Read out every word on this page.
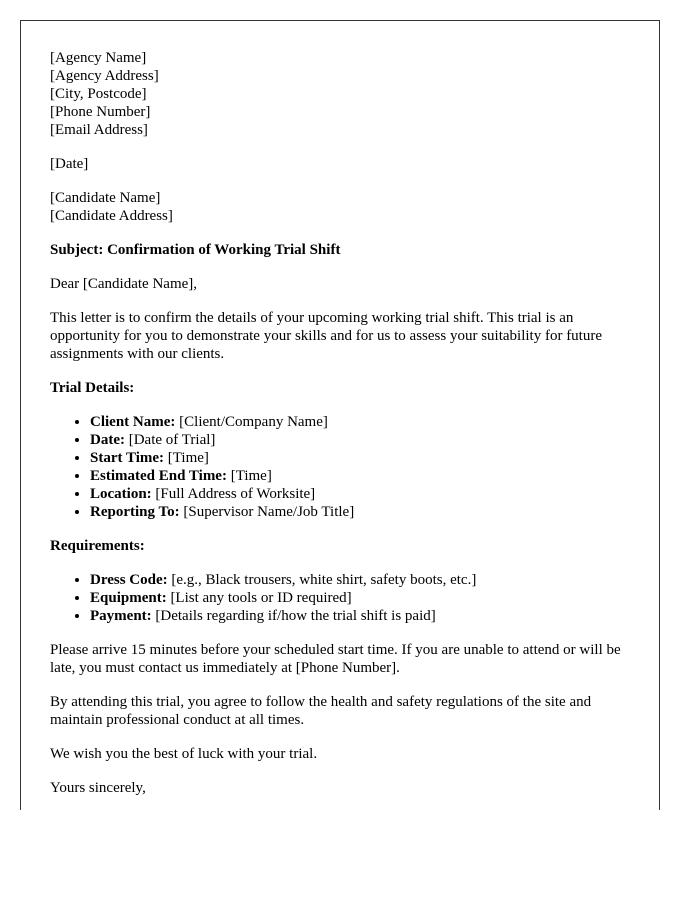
[Agency Name]
[Agency Address]
[City, Postcode]
[Phone Number]
[Email Address]

[Date]

[Candidate Name]
[Candidate Address]

Subject: Confirmation of Working Trial Shift

Dear [Candidate Name],

This letter is to confirm the details of your upcoming working trial shift. This trial is an opportunity for you to demonstrate your skills and for us to assess your suitability for future assignments with our clients.

Trial Details:

• Client Name: [Client/Company Name]
• Date: [Date of Trial]
• Start Time: [Time]
• Estimated End Time: [Time]
• Location: [Full Address of Worksite]
• Reporting To: [Supervisor Name/Job Title]

Requirements:

• Dress Code: [e.g., Black trousers, white shirt, safety boots, etc.]
• Equipment: [List any tools or ID required]
• Payment: [Details regarding if/how the trial shift is paid]

Please arrive 15 minutes before your scheduled start time. If you are unable to attend or will be late, you must contact us immediately at [Phone Number].

By attending this trial, you agree to follow the health and safety regulations of the site and maintain professional conduct at all times.

We wish you the best of luck with your trial.

Yours sincerely,
